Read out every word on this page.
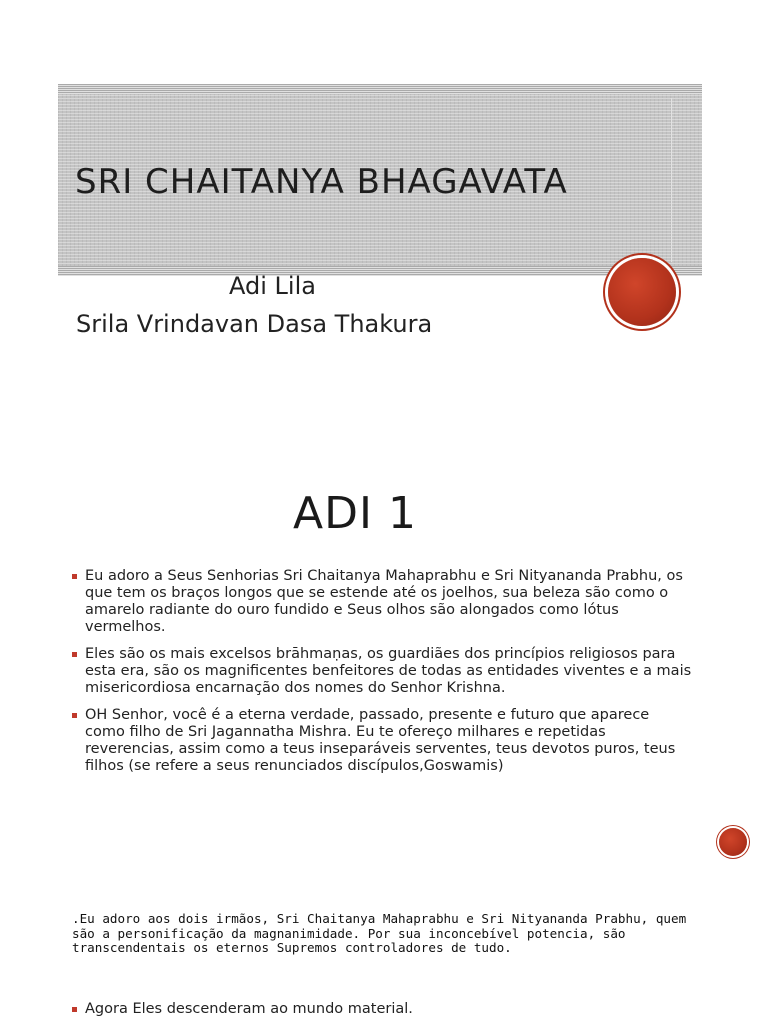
SRI CHAITANYA BHAGAVATA
Adi Lila
Srila Vrindavan Dasa Thakura
ADI 1
Eu adoro a Seus Senhorias Sri Chaitanya Mahaprabhu e Sri Nityananda Prabhu, os que tem os braços longos que se estende até os joelhos, sua beleza são como o amarelo radiante do ouro fundido e Seus olhos são alongados como lótus vermelhos.
Eles são os mais excelsos brāhmaṇas, os guardiães dos princípios religiosos para esta era, são os magnificentes benfeitores de todas as entidades viventes e a mais misericordiosa encarnação dos nomes do Senhor Krishna.
OH Senhor, você é a eterna verdade, passado, presente e futuro que aparece como filho de Sri Jagannatha Mishra. Eu te ofereço milhares e repetidas reverencias, assim como a teus inseparáveis serventes, teus devotos puros, teus filhos (se refere a seus renunciados discípulos,Goswamis)

.Eu adoro aos dois irmãos, Sri Chaitanya Mahaprabhu e Sri Nityananda Prabhu, quem são a personificação da magnanimidade. Por sua inconcebível potencia, são transcendentais os eternos Supremos controladores de tudo.

Agora Eles descenderam ao mundo material.
